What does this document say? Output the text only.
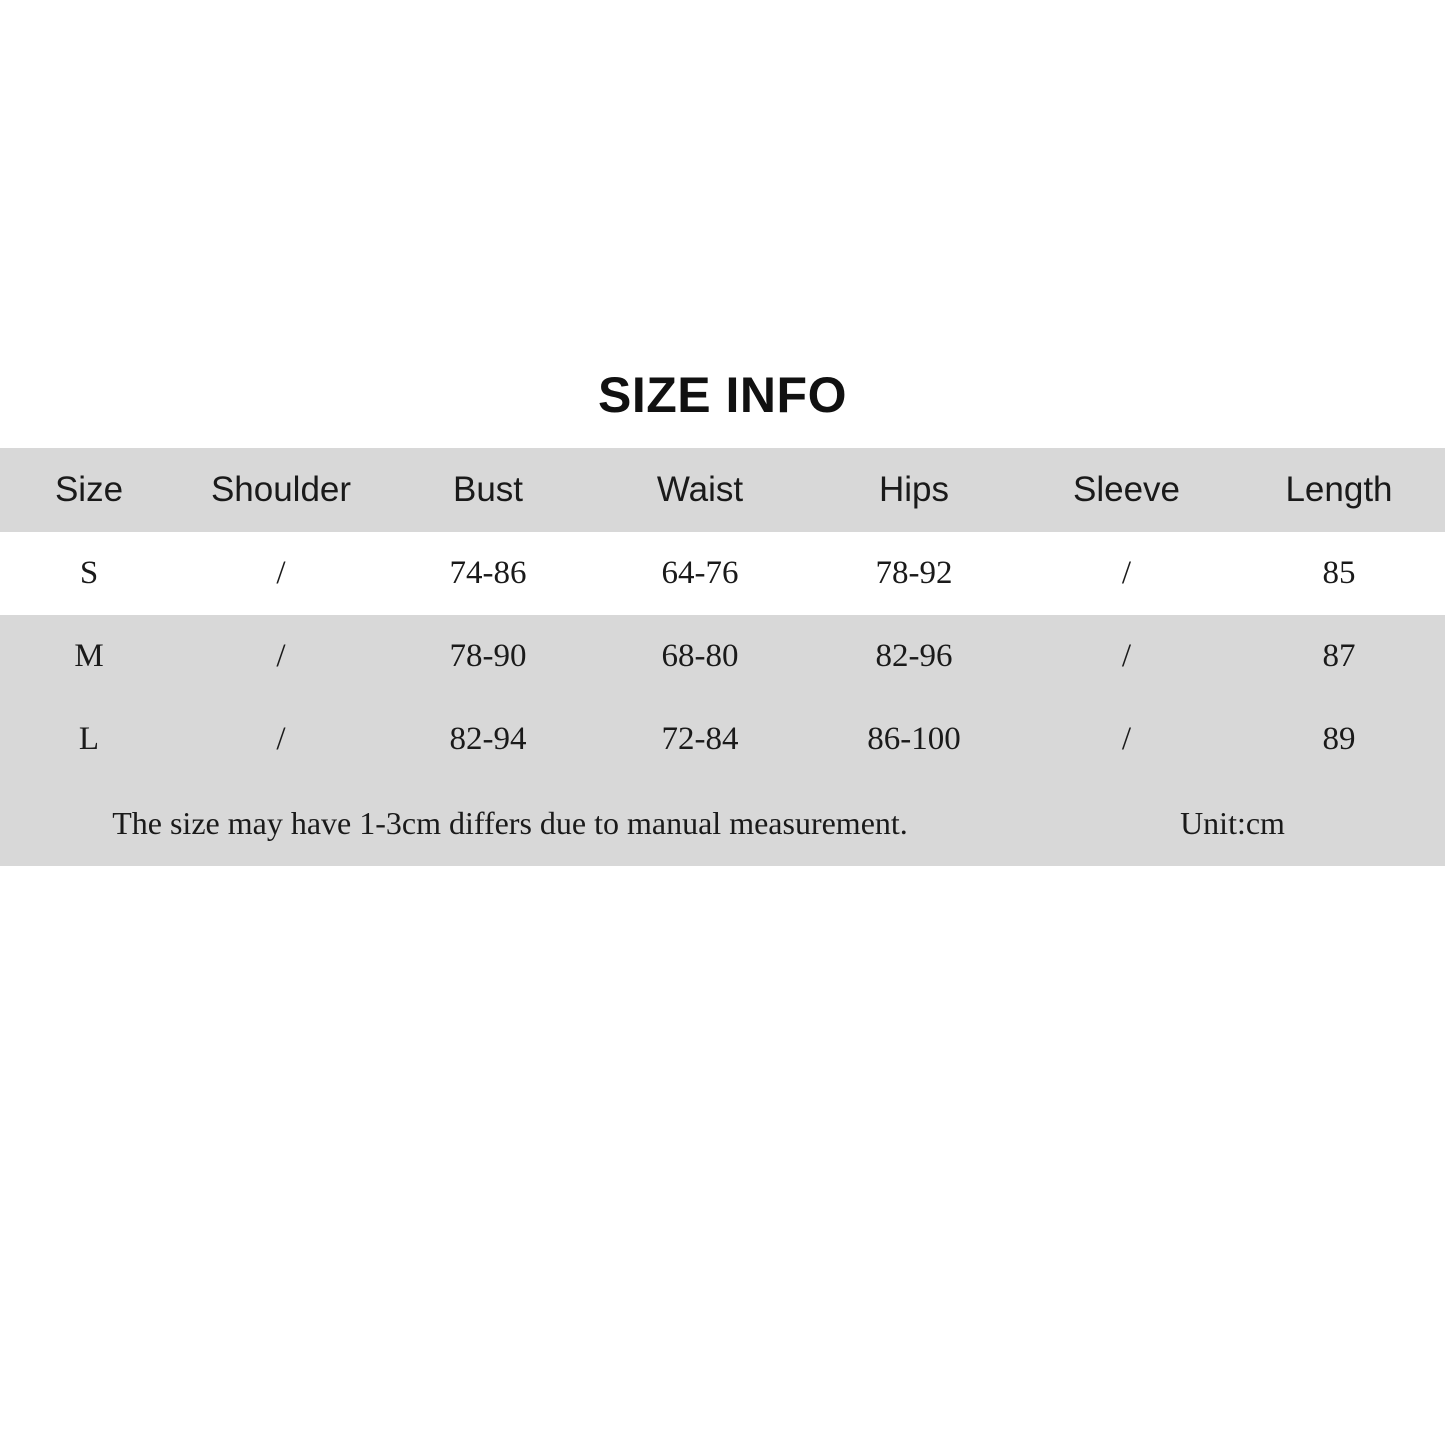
SIZE INFO
Size	Shoulder	Bust	Waist	Hips	Sleeve	Length
S	/	74-86	64-76	78-92	/	85
M	/	78-90	68-80	82-96	/	87
L	/	82-94	72-84	86-100	/	89
The size may have 1-3cm differs due to manual measurement.					Unit:cm	
